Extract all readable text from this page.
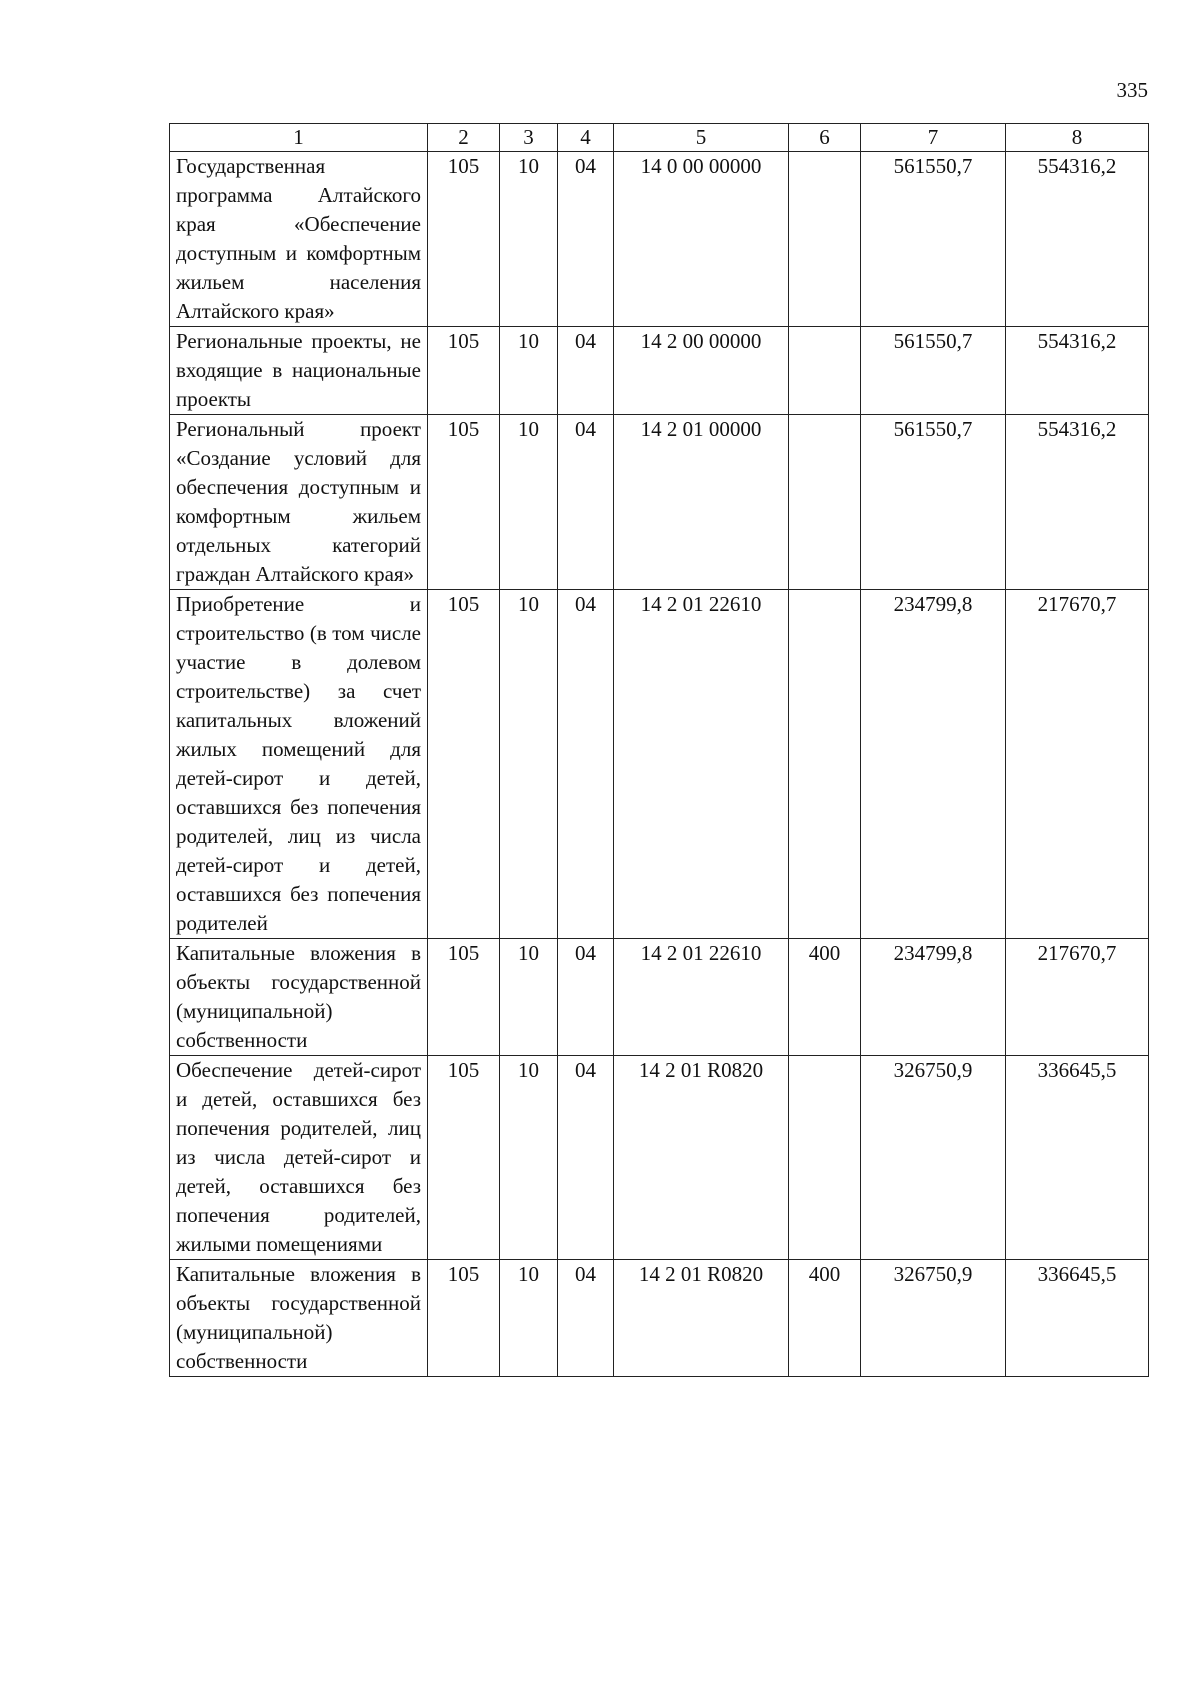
335
1	2	3	4	5	6	7	8
Государственная программа Алтайского края «Обеспечение доступным и комфортным жильем населения Алтайского края»	105	10	04	14 0 00 00000		561550,7	554316,2
Региональные проекты, не входящие в национальные проекты	105	10	04	14 2 00 00000		561550,7	554316,2
Региональный проект «Создание условий для обеспечения доступным и комфортным жильем отдельных категорий граждан Алтайского края»	105	10	04	14 2 01 00000		561550,7	554316,2
Приобретение и строительство (в том числе участие в долевом строительстве) за счет капитальных вложений жилых помещений для детей-сирот и детей, оставшихся без попечения родителей, лиц из числа детей-сирот и детей, оставшихся без попечения родителей	105	10	04	14 2 01 22610		234799,8	217670,7
Капитальные вложения в объекты государственной (муниципальной) собственности	105	10	04	14 2 01 22610	400	234799,8	217670,7
Обеспечение детей-сирот и детей, оставшихся без попечения родителей, лиц из числа детей-сирот и детей, оставшихся без попечения родителей, жилыми помещениями	105	10	04	14 2 01 R0820		326750,9	336645,5
Капитальные вложения в объекты государственной (муниципальной) собственности	105	10	04	14 2 01 R0820	400	326750,9	336645,5
